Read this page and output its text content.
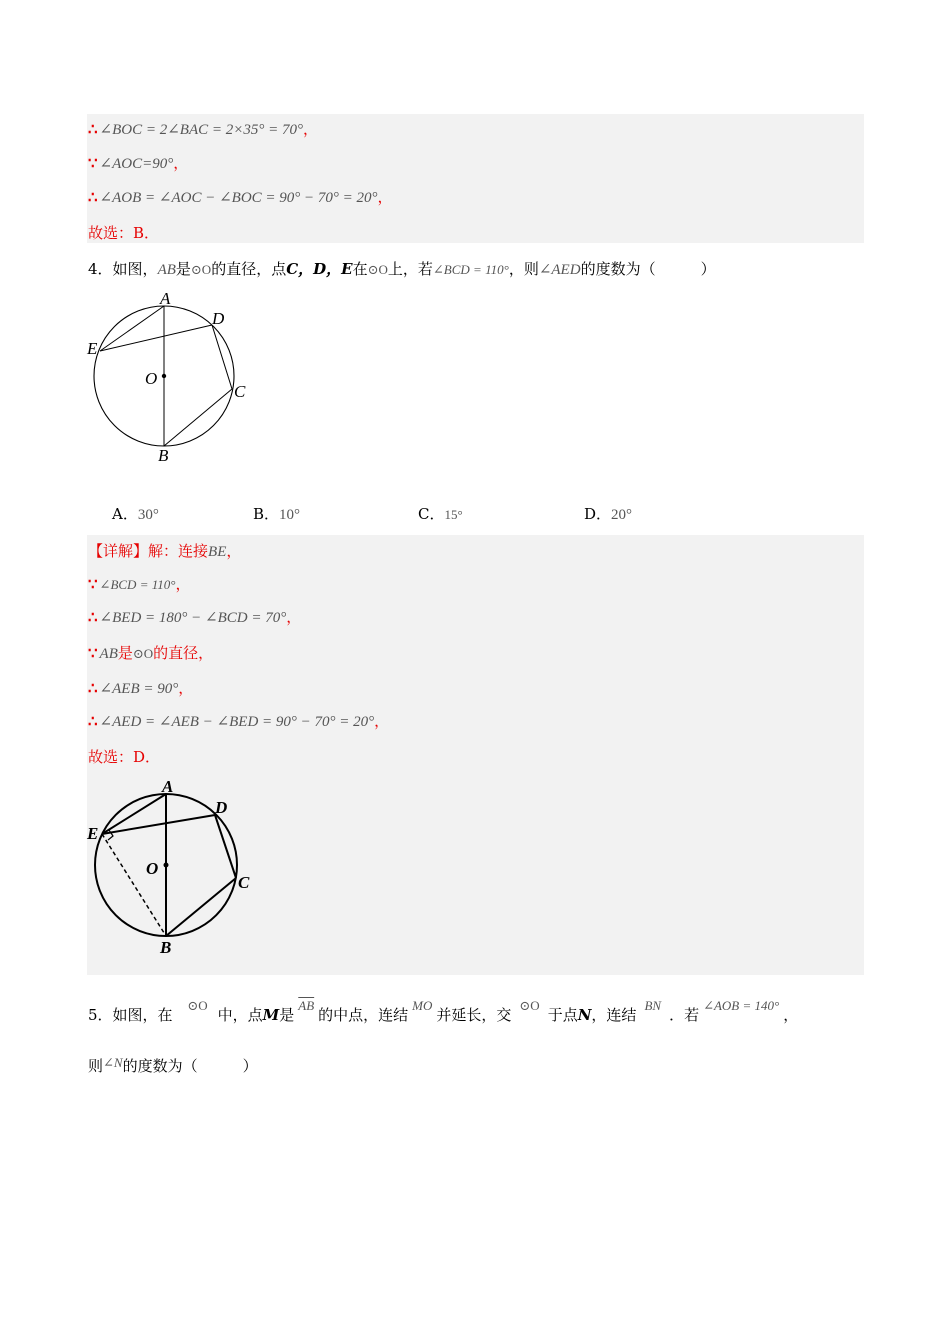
∴ ∠BOC = 2∠BAC = 2×35° = 70°，
∵ ∠AOC=90°，
∴ ∠AOB = ∠AOC − ∠BOC = 90° − 70° = 20°，
故选：B．
4．如图，AB是⊙O的直径，点C，D，E在⊙O上，若∠BCD = 110°，则∠AED的度数为（　　　）
A
D
E
O
C
B
A．30°	B．10°	C．15°	D．20°
【详解】解：连接BE，
∵ ∠BCD = 110°，
∴ ∠BED = 180° − ∠BCD = 70°，
∵ AB是⊙O的直径，
∴ ∠AEB = 90°，
∴ ∠AED = ∠AEB − ∠BED = 90° − 70° = 20°，
故选：D．
A
D
E
O
C
B
5．如图，在 ⊙O中，点M是$\overline{AB}$的中点，连结MO并延长，交⊙O于点N，连结BN．若∠AOB = 140°，
则∠N的度数为（　　　）
